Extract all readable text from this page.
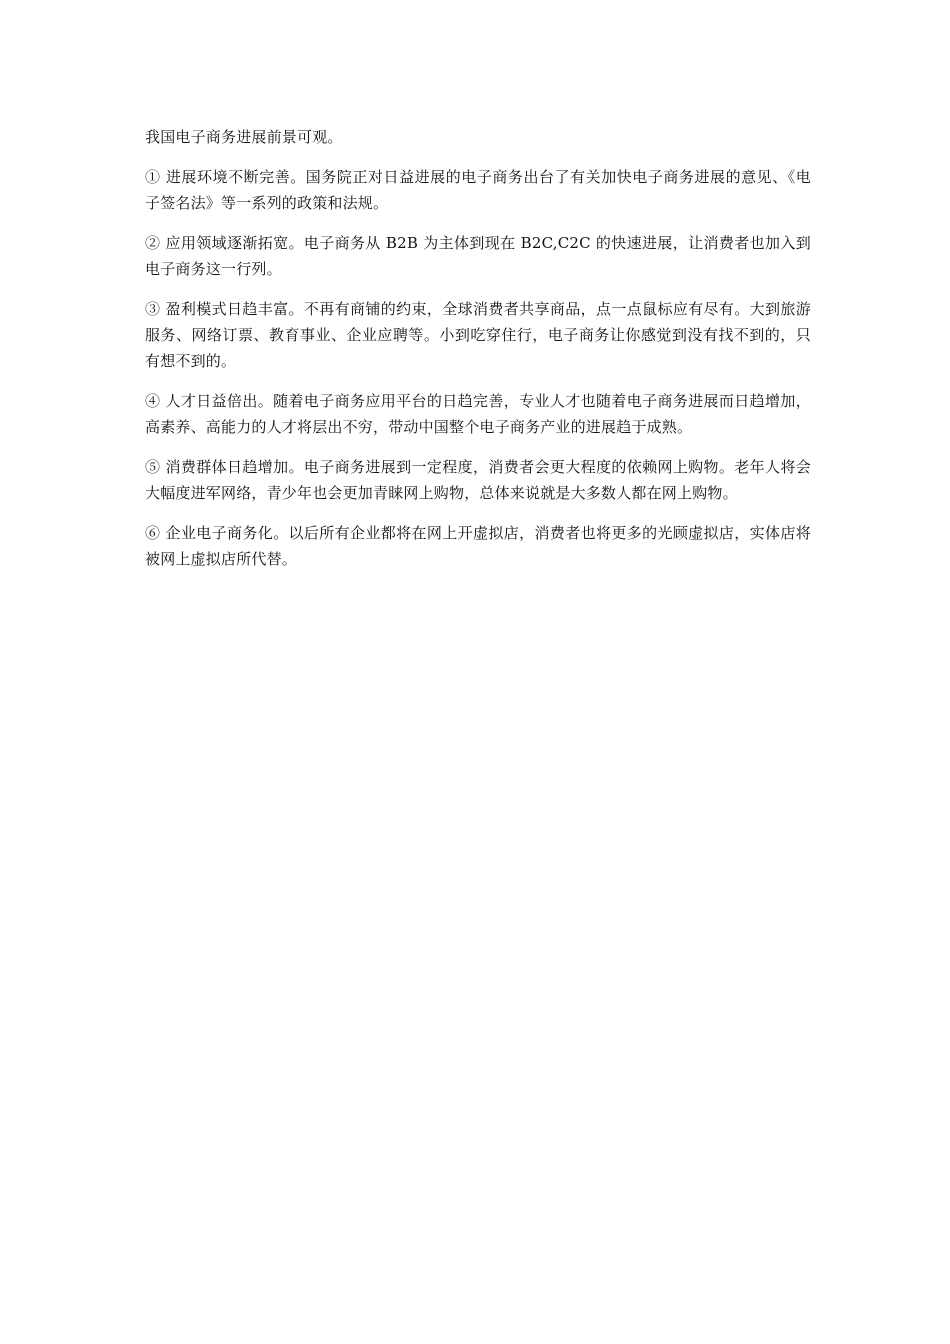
我国电子商务进展前景可观。

① 进展环境不断完善。国务院正对日益进展的电子商务出台了有关加快电子商务进展的意见、《电子签名法》等一系列的政策和法规。

② 应用领域逐渐拓宽。电子商务从 B2B 为主体到现在 B2C,C2C 的快速进展，让消费者也加入到电子商务这一行列。

③ 盈利模式日趋丰富。不再有商铺的约束，全球消费者共享商品，点一点鼠标应有尽有。大到旅游服务、网络订票、教育事业、企业应聘等。小到吃穿住行，电子商务让你感觉到没有找不到的，只有想不到的。

④ 人才日益倍出。随着电子商务应用平台的日趋完善，专业人才也随着电子商务进展而日趋增加，高素养、高能力的人才将层出不穷，带动中国整个电子商务产业的进展趋于成熟。

⑤ 消费群体日趋增加。电子商务进展到一定程度，消费者会更大程度的依赖网上购物。老年人将会大幅度进军网络，青少年也会更加青睐网上购物，总体来说就是大多数人都在网上购物。

⑥ 企业电子商务化。以后所有企业都将在网上开虚拟店，消费者也将更多的光顾虚拟店，实体店将被网上虚拟店所代替。
